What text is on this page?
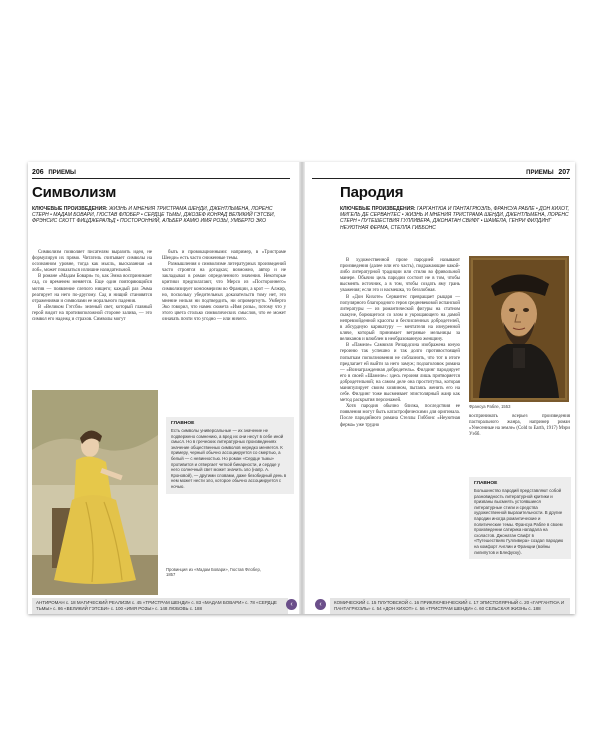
206 ПРИЕМЫ
Символизм
КЛЮЧЕВЫЕ ПРОИЗВЕДЕНИЯ: ЖИЗНЬ И МНЕНИЯ ТРИСТРАМА ШЕНДИ, ДЖЕНТЛЬМЕНА, ЛОРЕНС СТЕРН • МАДАМ БОВАРИ, ГЮСТАВ ФЛОБЕР • СЕРДЦЕ ТЬМЫ, ДЖОЗЕФ КОНРАД ВЕЛИКИЙ ГЭТСБИ, ФРЭНСИС СКОТТ ФИЦДЖЕРАЛЬД • ПОСТОРОННИЙ, АЛЬБЕР КАМЮ ИМЯ РОЗЫ, УМБЕРТО ЭКО

Символизм позволяет писателям выразить идеи, не формулируя их прямо. Читатель считывает символы на осознанном уровне, тогда как мысль, высказанная «в лоб», может показаться излишне назидательной.

В романе «Мадам Бовари» то, как Эмма воспринимает сад, со временем меняется. Еще один повторяющийся мотив — появление слепого нищего; каждый раз Эмма реагирует на него по-другому. Сад и нищий становятся отражениями и символами ее морального падения.

В «Великом Гэтсби» зеленый свет, который главный герой видит на противоположной стороне залива, — это символ его надежд и страхов. Символы могут

быть и провокационными: например, в «Тристраме Шенди» есть часто сниженные темы.

Размышления о символизме литературных произведений часто строятся на догадках; возможно, автор и не закладывал в роман определенного значения. Некоторые критики предполагают, что Мерсо из «Постороннего» символизирует консюмеризм во Франции, а крот — Алжир, но, поскольку убедительных доказательств тому нет, это мнение нельзя ни подтвердить, ни опровергнуть. Умберто Эко говорил, что намек сюжета «Имя розы», потому что у этого цвета столько символических смыслов, что ее может означать почти что угодно — или ничего.

ГЛАВНОЕ
Есть символы универсальные — их значение не подвержено сомнению, а вред их они несут в себе иной смысл. Но в греческих литературных произведениях значение общественных символов нередко меняется. К примеру, черный обычно ассоциируется со смертью, а белый — с невинностью. Но роман «Сердце тьмы» противится и отвергает четкой бинарности, и сердце у него солнечный свет может значить зло (напр. А. Кроновой), — другими словами, даже безобидный день в нем может нести зло, которое обычно ассоциируется с ночью.
Провинция из «Мадам Бовари», Гюстав Флобер, 1857
АНТИРОМАН с. 18 МАГИЧЕСКИЙ РЕАЛИЗМ с. 45 «ТРИСТРАМ ШЕНДИ» с. 83 «МАДАМ БОВАРИ» с. 78 «СЕРДЦЕ ТЬМЫ» с. 86 «ВЕЛИКИЙ ГЭТСБИ» с. 100 «ИМЯ РОЗЫ» с. 148 ЛЮБОВЬ с. 188
‹
ПРИЕМЫ 207
Пародия
КЛЮЧЕВЫЕ ПРОИЗВЕДЕНИЯ: ГАРГАНТЮА И ПАНТАГРЮЭЛЬ, ФРАНСУА РАБЛЕ • ДОН КИХОТ, МИГЕЛЬ ДЕ СЕРВАНТЕС • ЖИЗНЬ И МНЕНИЯ ТРИСТРАМА ШЕНДИ, ДЖЕНТЛЬМЕНА, ЛОРЕНС СТЕРН • ПУТЕШЕСТВИЯ ГУЛЛИВЕРА, ДЖОНАТАН СВИФТ • ШАМЕЛА, ГЕНРИ ФИЛДИНГ НЕУЮТНАЯ ФЕРМА, СТЕЛЛА ГИББОНС

В художественной прозе пародией называют произведения (далее или его часть), подражающие какой-либо литературной традиции или стилю во фривольной манере. Обычно цель пародии состоит не в том, чтобы высмеять источник, а в том, чтобы создать яму грань уважения; если это и насмешка, то беззлобная.

В «Дон Кихоте» Сервантес превращает рыцаря — популярного благородного героя средневековой испанской литературы — из романтической фигуры на статном скакуне, борющегося со злом и укрощающего на дамой непревзойденной красоты и бесчисленных добродетелей, в абсурдную карикатуру — мечтателя на изнуренной кляче, который принимает ветряные мельницы за великанов и влюблен в необразованную женщину.

В «Памеле» Самюэля Ричардсона изображена юную героиню так успешно и так долго противостоящей попыткам поползновения не соблазнить, что тот в итоге предлагает ей выйти за него замуж; подзаголовок романа — «Вознагражденная добродетель». Филдинг пародирует его в своей «Шамеле»: здесь героиня лишь притворяется добродетельной; на самом деле она проститутка, которая манипулирует своим хозяином, пытаясь женить его на себе. Филдинг тоже высмеивает эпистолярный жанр как метод раскрытия персонажей.

Хотя пародия обычно близка, последствия ее появления могут быть катастрофическими для оригинала. После пародийного романа Стеллы Гиббонс «Неуютная ферма» уже трудно

Франсуа Рабле, 1553

воспринимать всерьез произведения пасторального жанра, например роман «Унесенные на земле» (Cold to Earth, 1917) Мэри Уэбб.

ГЛАВНОЕ
Большинство пародий представляют собой разновидность литературной критики и призваны высмеять устоявшиеся литературные стили и средства художественной выразительности. В другие пародии иногда романтические и политические темы. Франсуа Рабле в своем произведении сатирика нападала на схоластов. Джонатан Свифт в «Путешествиях Гулливера» создал пародию на комфорт Англии и Франции (войны лилипутов и Блефуску).
‹	КОМИЧЕСКИЙ с. 15 ПЛУТОВСКОЙ с. 16 ПРИКЛЮЧЕНЧЕСКИЙ с. 17 ЭПИСТОЛЯРНЫЙ с. 20 «ГАРГАНТЮА И ПАНТАГРЮЭЛЬ» с. 54 «ДОН КИХОТ» с. 56 «ТРИСТРАМ ШЕНДИ» с. 60 СЕЛЬСКАЯ ЖИЗНЬ с. 188
